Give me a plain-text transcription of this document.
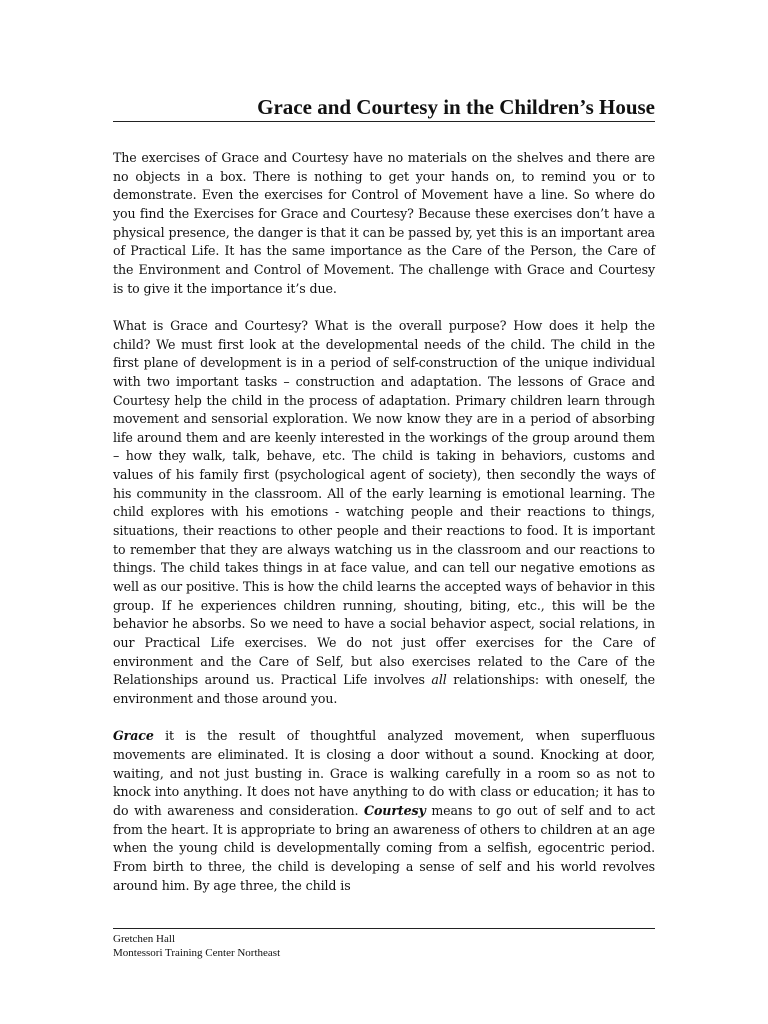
Grace and Courtesy in the Children’s House

The exercises of Grace and Courtesy have no materials on the shelves and there are no objects in a box. There is nothing to get your hands on, to remind you or to demonstrate. Even the exercises for Control of Movement have a line. So where do you find the Exercises for Grace and Courtesy? Because these exercises don’t have a physical presence, the danger is that it can be passed by, yet this is an important area of Practical Life. It has the same importance as the Care of the Person, the Care of the Environment and Control of Movement. The challenge with Grace and Courtesy is to give it the importance it’s due.

What is Grace and Courtesy? What is the overall purpose? How does it help the child? We must first look at the developmental needs of the child. The child in the first plane of development is in a period of self-construction of the unique individual with two important tasks – construction and adaptation. The lessons of Grace and Courtesy help the child in the process of adaptation. Primary children learn through movement and sensorial exploration. We now know they are in a period of absorbing life around them and are keenly interested in the workings of the group around them – how they walk, talk, behave, etc. The child is taking in behaviors, customs and values of his family first (psychological agent of society), then secondly the ways of his community in the classroom. All of the early learning is emotional learning. The child explores with his emotions - watching people and their reactions to things, situations, their reactions to other people and their reactions to food. It is important to remember that they are always watching us in the classroom and our reactions to things. The child takes things in at face value, and can tell our negative emotions as well as our positive. This is how the child learns the accepted ways of behavior in this group. If he experiences children running, shouting, biting, etc., this will be the behavior he absorbs. So we need to have a social behavior aspect, social relations, in our Practical Life exercises. We do not just offer exercises for the Care of environment and the Care of Self, but also exercises related to the Care of the Relationships around us. Practical Life involves all relationships: with oneself, the environment and those around you.

Grace it is the result of thoughtful analyzed movement, when superfluous movements are eliminated. It is closing a door without a sound. Knocking at door, waiting, and not just busting in. Grace is walking carefully in a room so as not to knock into anything. It does not have anything to do with class or education; it has to do with awareness and consideration. Courtesy means to go out of self and to act from the heart. It is appropriate to bring an awareness of others to children at an age when the young child is developmentally coming from a selfish, egocentric period. From birth to three, the child is developing a sense of self and his world revolves around him. By age three, the child is

Gretchen Hall
Montessori Training Center Northeast
